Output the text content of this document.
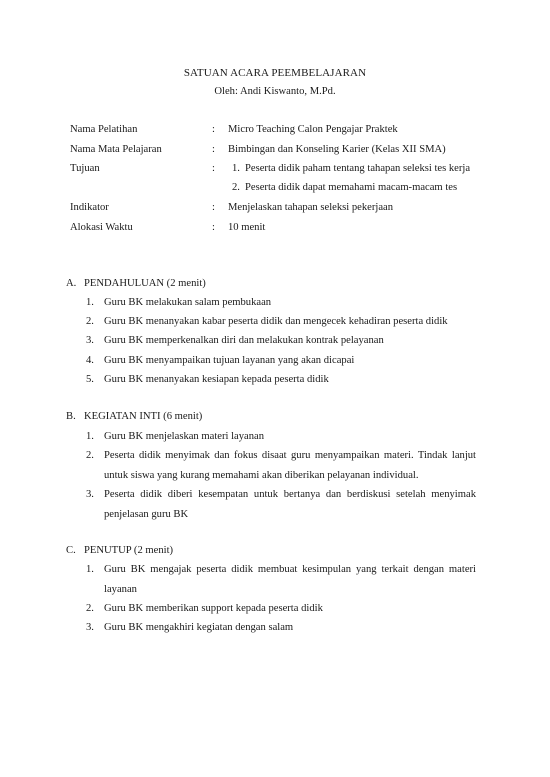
SATUAN ACARA PEEMBELAJARAN
Oleh: Andi Kiswanto, M.Pd.
Nama Pelatihan	: Micro Teaching Calon Pengajar Praktek
Nama Mata Pelajaran	: Bimbingan dan Konseling Karier (Kelas XII SMA)
Tujuan	: 1. Peserta didik paham tentang tahapan seleksi tes kerja
2. Peserta didik dapat memahami macam-macam tes
Indikator	: Menjelaskan tahapan seleksi pekerjaan
Alokasi Waktu	: 10 menit
A. PENDAHULUAN (2 menit)
1. Guru BK melakukan salam pembukaan
2. Guru BK menanyakan kabar peserta didik dan mengecek kehadiran peserta didik
3. Guru BK memperkenalkan diri dan melakukan kontrak pelayanan
4. Guru BK menyampaikan tujuan layanan yang akan dicapai
5. Guru BK menanyakan kesiapan kepada peserta didik
B. KEGIATAN INTI (6 menit)
1. Guru BK menjelaskan materi layanan
2. Peserta didik menyimak dan fokus disaat guru menyampaikan materi. Tindak lanjut
untuk siswa yang kurang memahami akan diberikan pelayanan individual.
3. Peserta didik diberi kesempatan untuk bertanya dan berdiskusi setelah menyimak
penjelasan guru BK
C. PENUTUP (2 menit)
1. Guru BK mengajak peserta didik membuat kesimpulan yang terkait dengan materi
layanan
2. Guru BK memberikan support kepada peserta didik
3. Guru BK mengakhiri kegiatan dengan salam
